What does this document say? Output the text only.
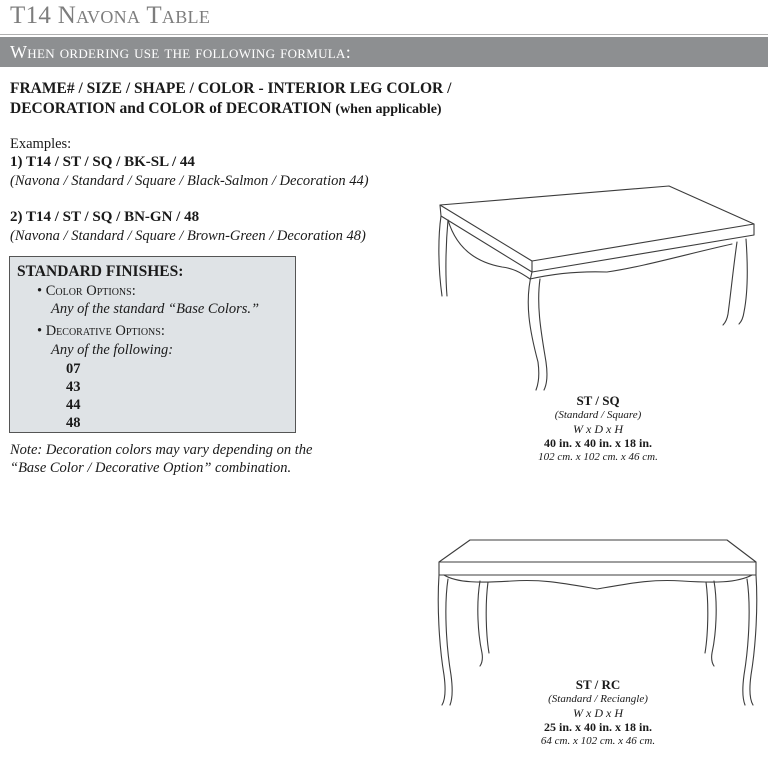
T14 Navona Table
When ordering use the following formula:
FRAME# / SIZE / SHAPE / COLOR - INTERIOR LEG COLOR /
DECORATION and COLOR of DECORATION (when applicable)
Examples:
1) T14 / ST / SQ / BK-SL / 44
(Navona / Standard / Square / Black-Salmon / Decoration 44)
2) T14 / ST / SQ / BN-GN / 48
(Navona / Standard / Square / Brown-Green / Decoration 48)
STANDARD FINISHES:
• Color Options:
Any of the standard “Base Colors.”
• Decorative Options:
Any of the following:
07
43
44
48
Note: Decoration colors may vary depending on the
“Base Color / Decorative Option” combination.
ST / SQ
(Standard / Square)
W x D x H
40 in. x 40 in. x 18 in.
102 cm. x 102 cm. x 46 cm.
ST / RC
(Standard / Reciangle)
W x D x H
25 in. x 40 in. x 18 in.
64 cm. x 102 cm. x 46 cm.
